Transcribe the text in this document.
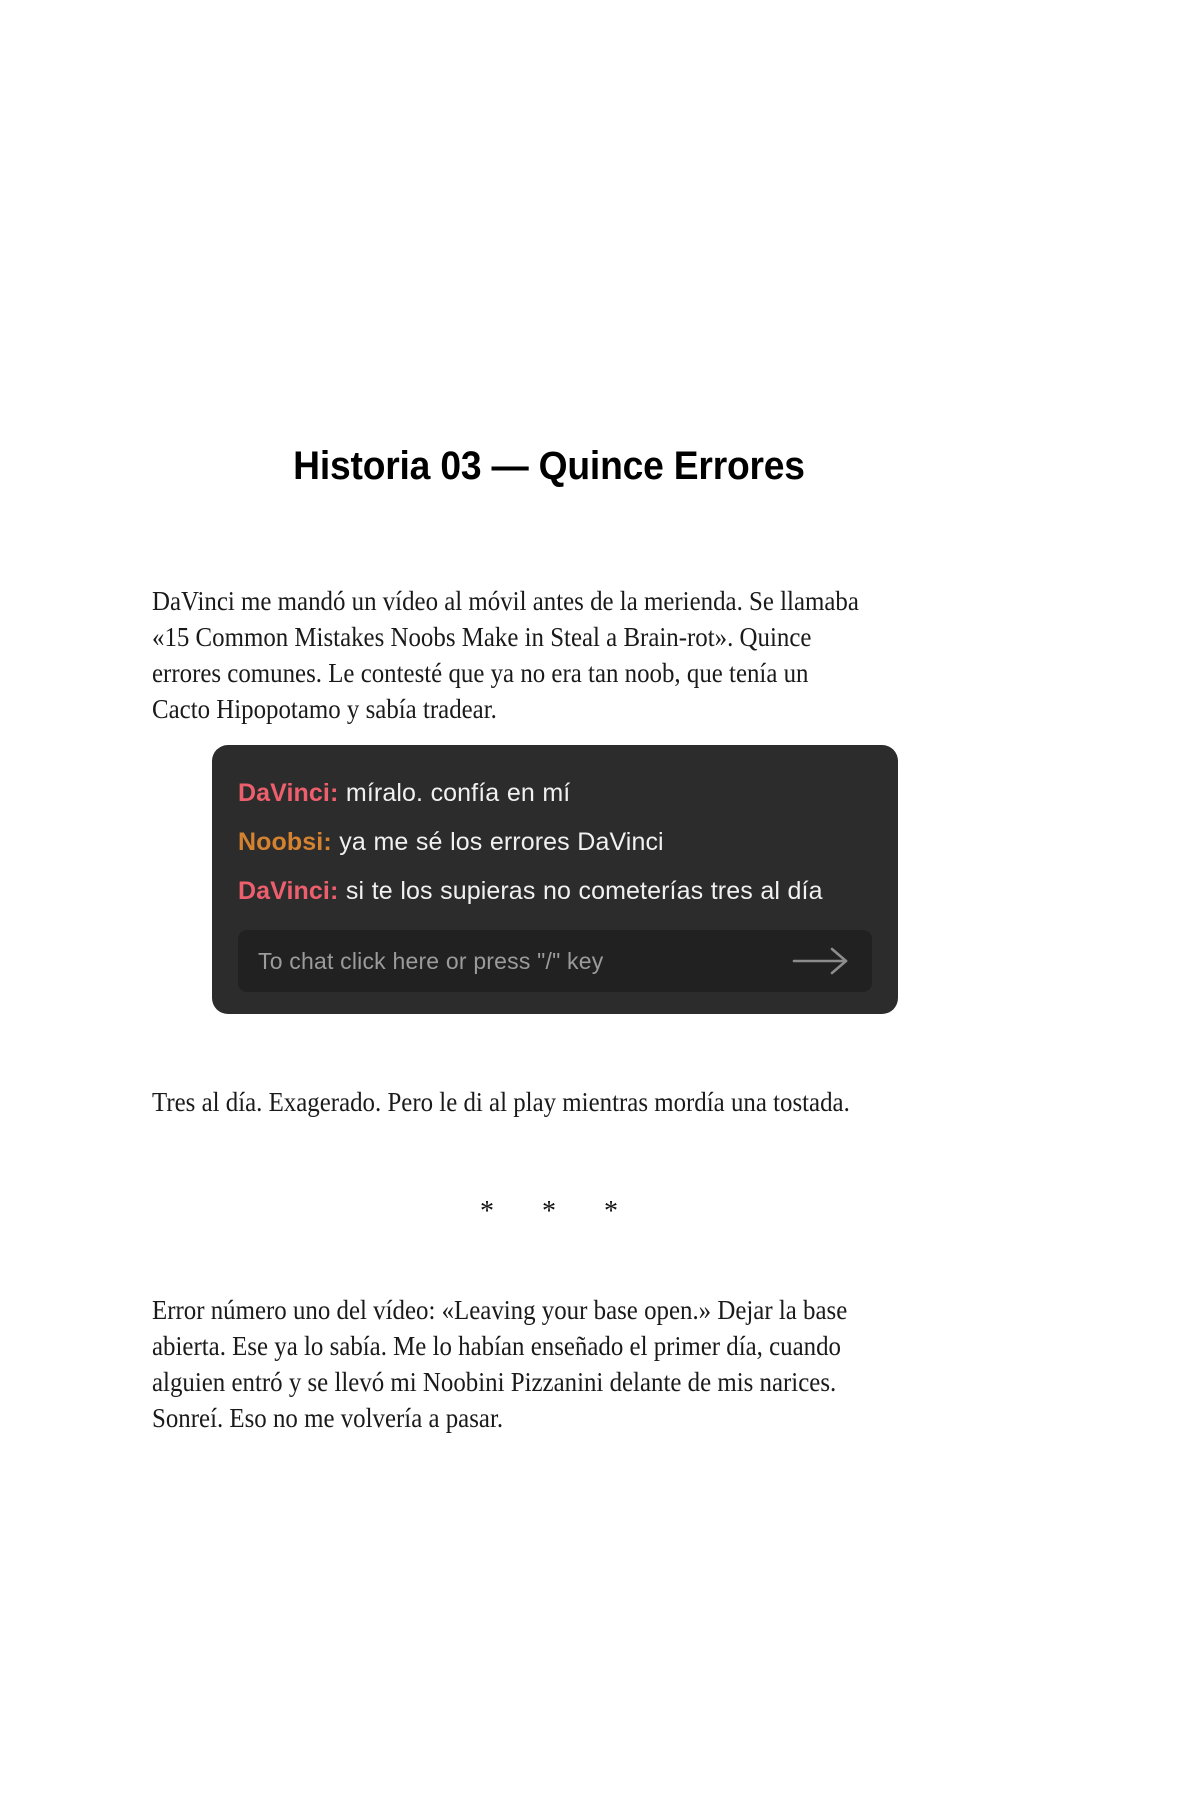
Historia 03 — Quince Errores

DaVinci me mandó un vídeo al móvil antes de la merienda. Se llamaba «15 Common Mistakes Noobs Make in Steal a Brain-rot». Quince errores comunes. Le contesté que ya no era tan noob, que tenía un Cacto Hipopotamo y sabía tradear.

DaVinci: míralo. confía en mí
Noobsi: ya me sé los errores DaVinci
DaVinci: si te los supieras no cometerías tres al día
To chat click here or press "/" key

Tres al día. Exagerado. Pero le di al play mientras mordía una tostada.

* * *

Error número uno del vídeo: «Leaving your base open.» Dejar la base abierta. Ese ya lo sabía. Me lo habían enseñado el primer día, cuando alguien entró y se llevó mi Noobini Pizzanini delante de mis narices. Sonreí. Eso no me volvería a pasar.
